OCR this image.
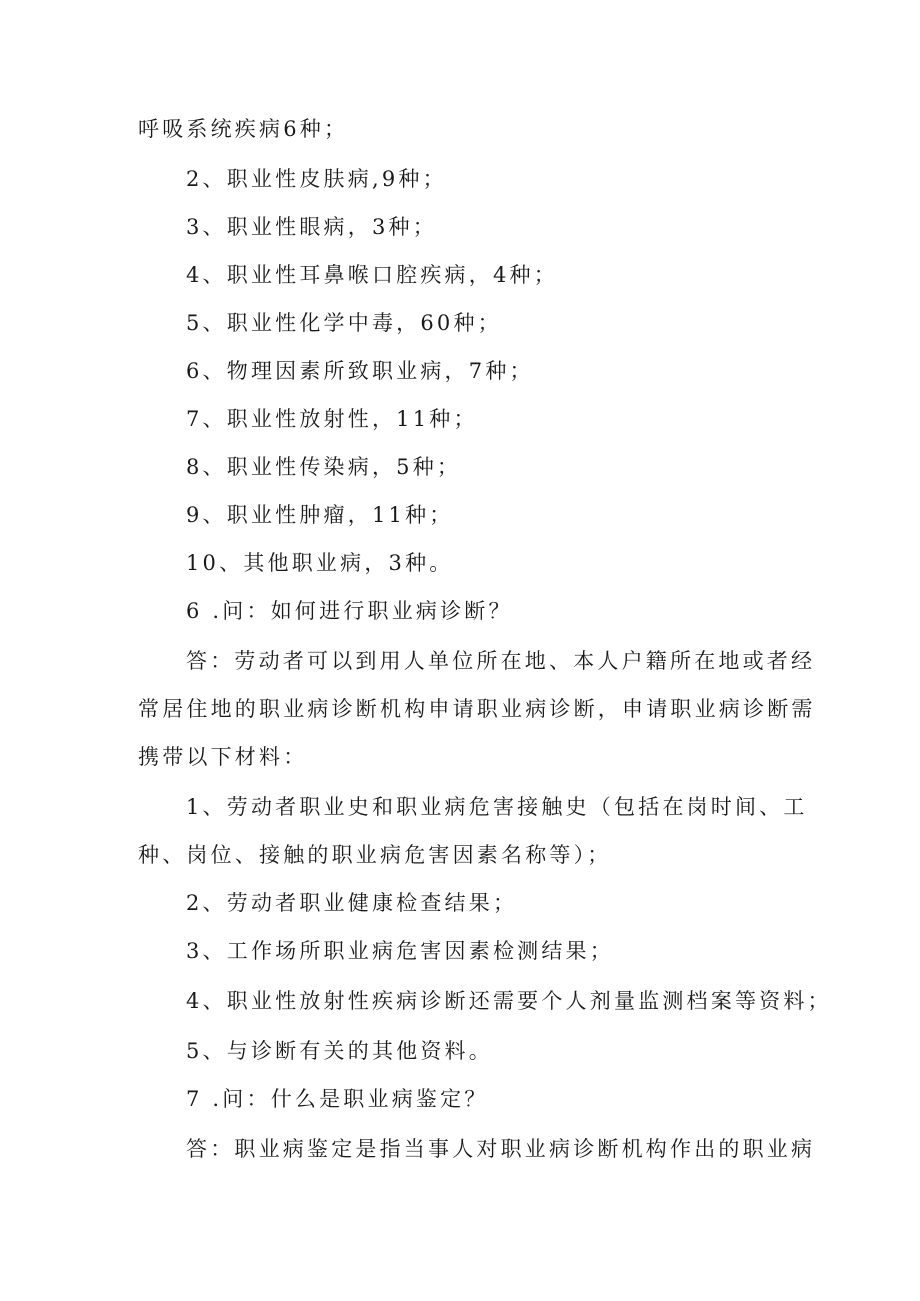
呼吸系统疾病6种；
2、职业性皮肤病,9种；
3、职业性眼病，3种；
4、职业性耳鼻喉口腔疾病，4种；
5、职业性化学中毒，60种；
6、物理因素所致职业病，7种；
7、职业性放射性，11种；
8、职业性传染病，5种；
9、职业性肿瘤，11种；
10、其他职业病，3种。
6 .问：如何进行职业病诊断？
答：劳动者可以到用人单位所在地、本人户籍所在地或者经
常居住地的职业病诊断机构申请职业病诊断，申请职业病诊断需
携带以下材料：
1、劳动者职业史和职业病危害接触史（包括在岗时间、工
种、岗位、接触的职业病危害因素名称等）；
2、劳动者职业健康检查结果；
3、工作场所职业病危害因素检测结果；
4、职业性放射性疾病诊断还需要个人剂量监测档案等资料；
5、与诊断有关的其他资料。
7 .问：什么是职业病鉴定？
答：职业病鉴定是指当事人对职业病诊断机构作出的职业病
